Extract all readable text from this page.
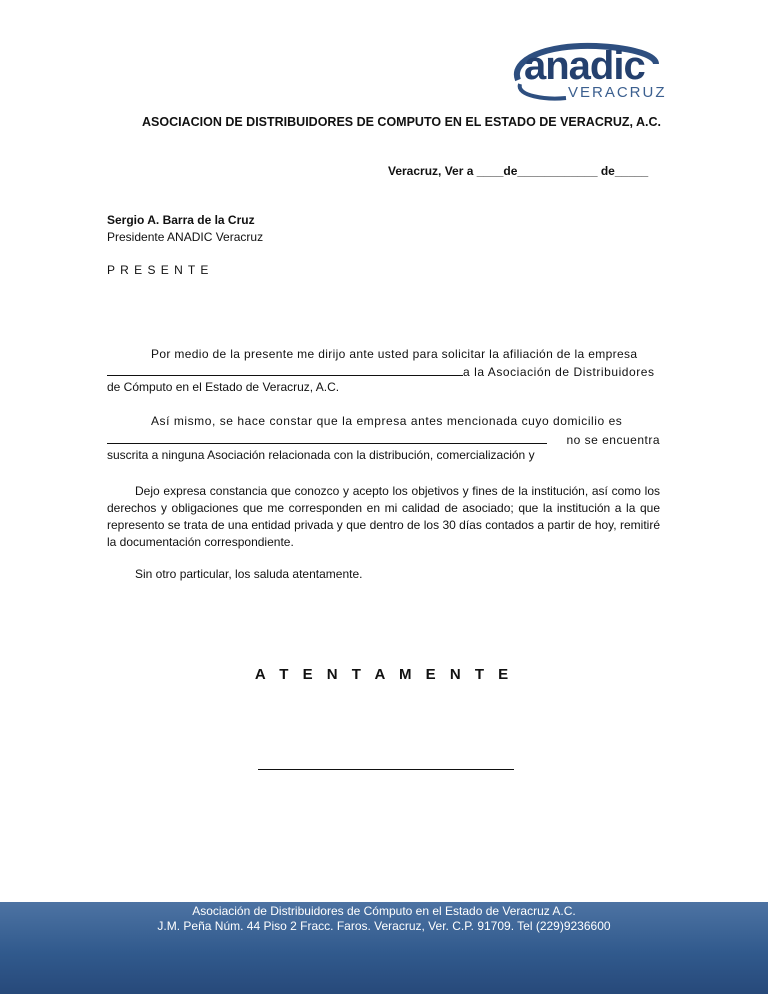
anadic
VERACRUZ
ASOCIACION DE DISTRIBUIDORES DE COMPUTO EN EL ESTADO DE VERACRUZ, A.C.
Veracruz, Ver a ____de____________ de_____
Sergio A. Barra de la Cruz
Presidente ANADIC Veracruz
P R E S E N T E
Por medio de la presente me dirijo ante usted para solicitar la afiliación de la empresa
a la Asociación de Distribuidores
de Cómputo en el Estado de Veracruz, A.C.
Así mismo, se hace constar que la empresa antes mencionada cuyo domicilio es
no se encuentra
suscrita a ninguna Asociación relacionada con la distribución, comercialización y
Dejo expresa constancia que conozco y acepto los objetivos y fines de la institución, así como los derechos y obligaciones que me corresponden en mi calidad de asociado; que la institución a la que represento se trata de una entidad privada y que dentro de los 30 días contados a partir de hoy, remitiré la documentación correspondiente.
Sin otro particular, los saluda atentamente.
A T E N T A M E N T E
Asociación de Distribuidores de Cómputo en el Estado de Veracruz A.C.
J.M. Peña Núm. 44 Piso 2 Fracc. Faros. Veracruz, Ver. C.P. 91709. Tel (229)9236600
